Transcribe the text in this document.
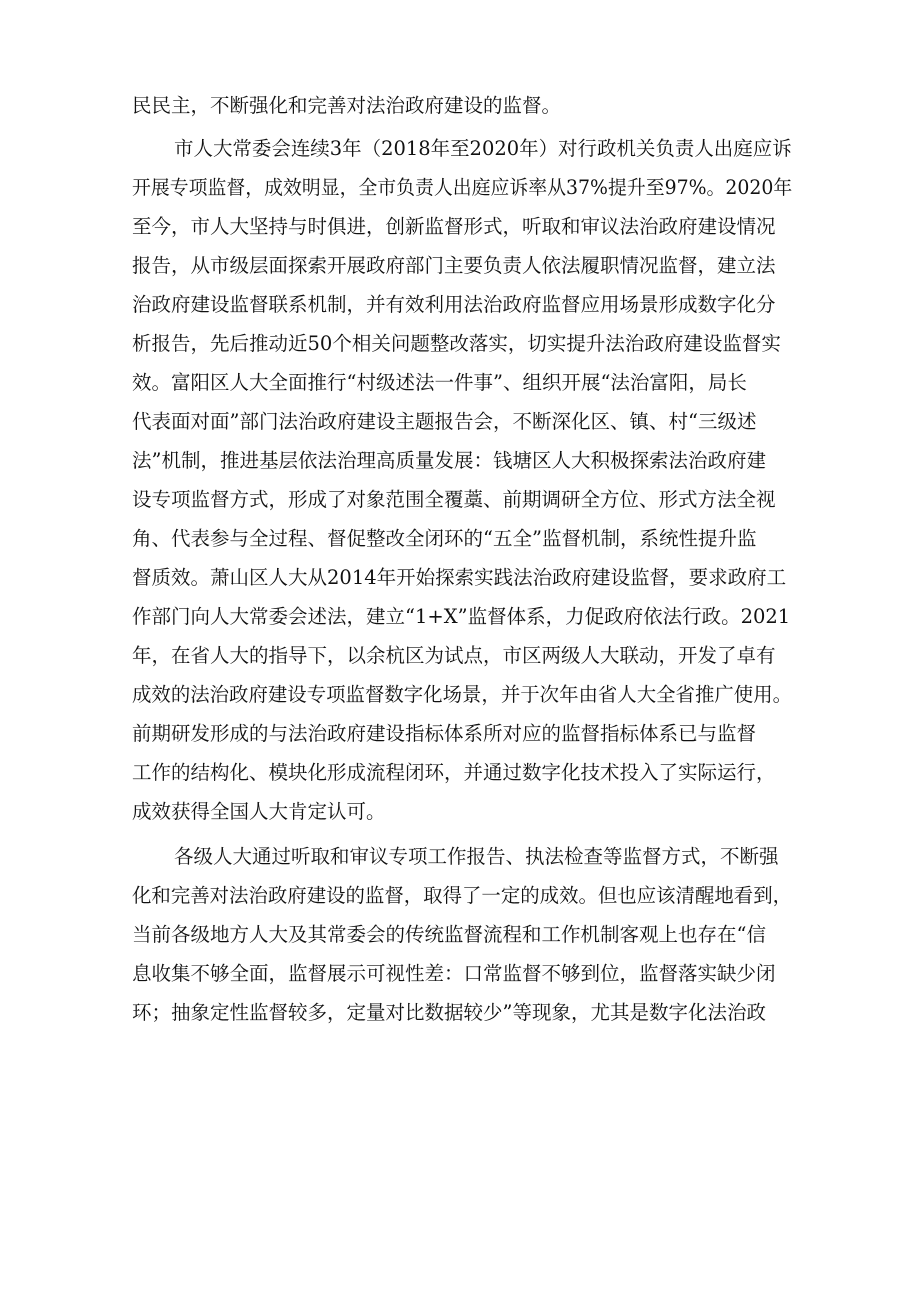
民民主，不断强化和完善对法治政府建设的监督。
市人大常委会连续3年（2018年至2020年）对行政机关负责人出庭应诉
开展专项监督，成效明显，全市负责人出庭应诉率从37%提升至97%。2020年
至今，市人大坚持与时俱进，创新监督形式，听取和审议法治政府建设情况
报告，从市级层面探索开展政府部门主要负责人依法履职情况监督，建立法
治政府建设监督联系机制，并有效利用法治政府监督应用场景形成数字化分
析报告，先后推动近50个相关问题整改落实，切实提升法治政府建设监督实
效。富阳区人大全面推行“村级述法一件事”、组织开展“法治富阳，局长
代表面对面”部门法治政府建设主题报告会，不断深化区、镇、村“三级述
法”机制，推进基层依法治理高质量发展：钱塘区人大积极探索法治政府建
设专项监督方式，形成了对象范围全覆藁、前期调研全方位、形式方法全视
角、代表参与全过程、督促整改全闭环的“五全”监督机制，系统性提升监
督质效。萧山区人大从2014年开始探索实践法治政府建设监督，要求政府工
作部门向人大常委会述法，建立“1+X”监督体系，力促政府依法行政。2021
年，在省人大的指导下，以余杭区为试点，市区两级人大联动，开发了卓有
成效的法治政府建设专项监督数字化场景，并于次年由省人大全省推广使用。
前期研发形成的与法治政府建设指标体系所对应的监督指标体系已与监督
工作的结构化、模块化形成流程闭环，并通过数字化技术投入了实际运行，
成效获得全国人大肯定认可。
各级人大通过听取和审议专项工作报告、执法检查等监督方式，不断强
化和完善对法治政府建设的监督，取得了一定的成效。但也应该清醒地看到，
当前各级地方人大及其常委会的传统监督流程和工作机制客观上也存在“信
息收集不够全面，监督展示可视性差：口常监督不够到位，监督落实缺少闭
环；抽象定性监督较多，定量对比数据较少”等现象，尤其是数字化法治政
